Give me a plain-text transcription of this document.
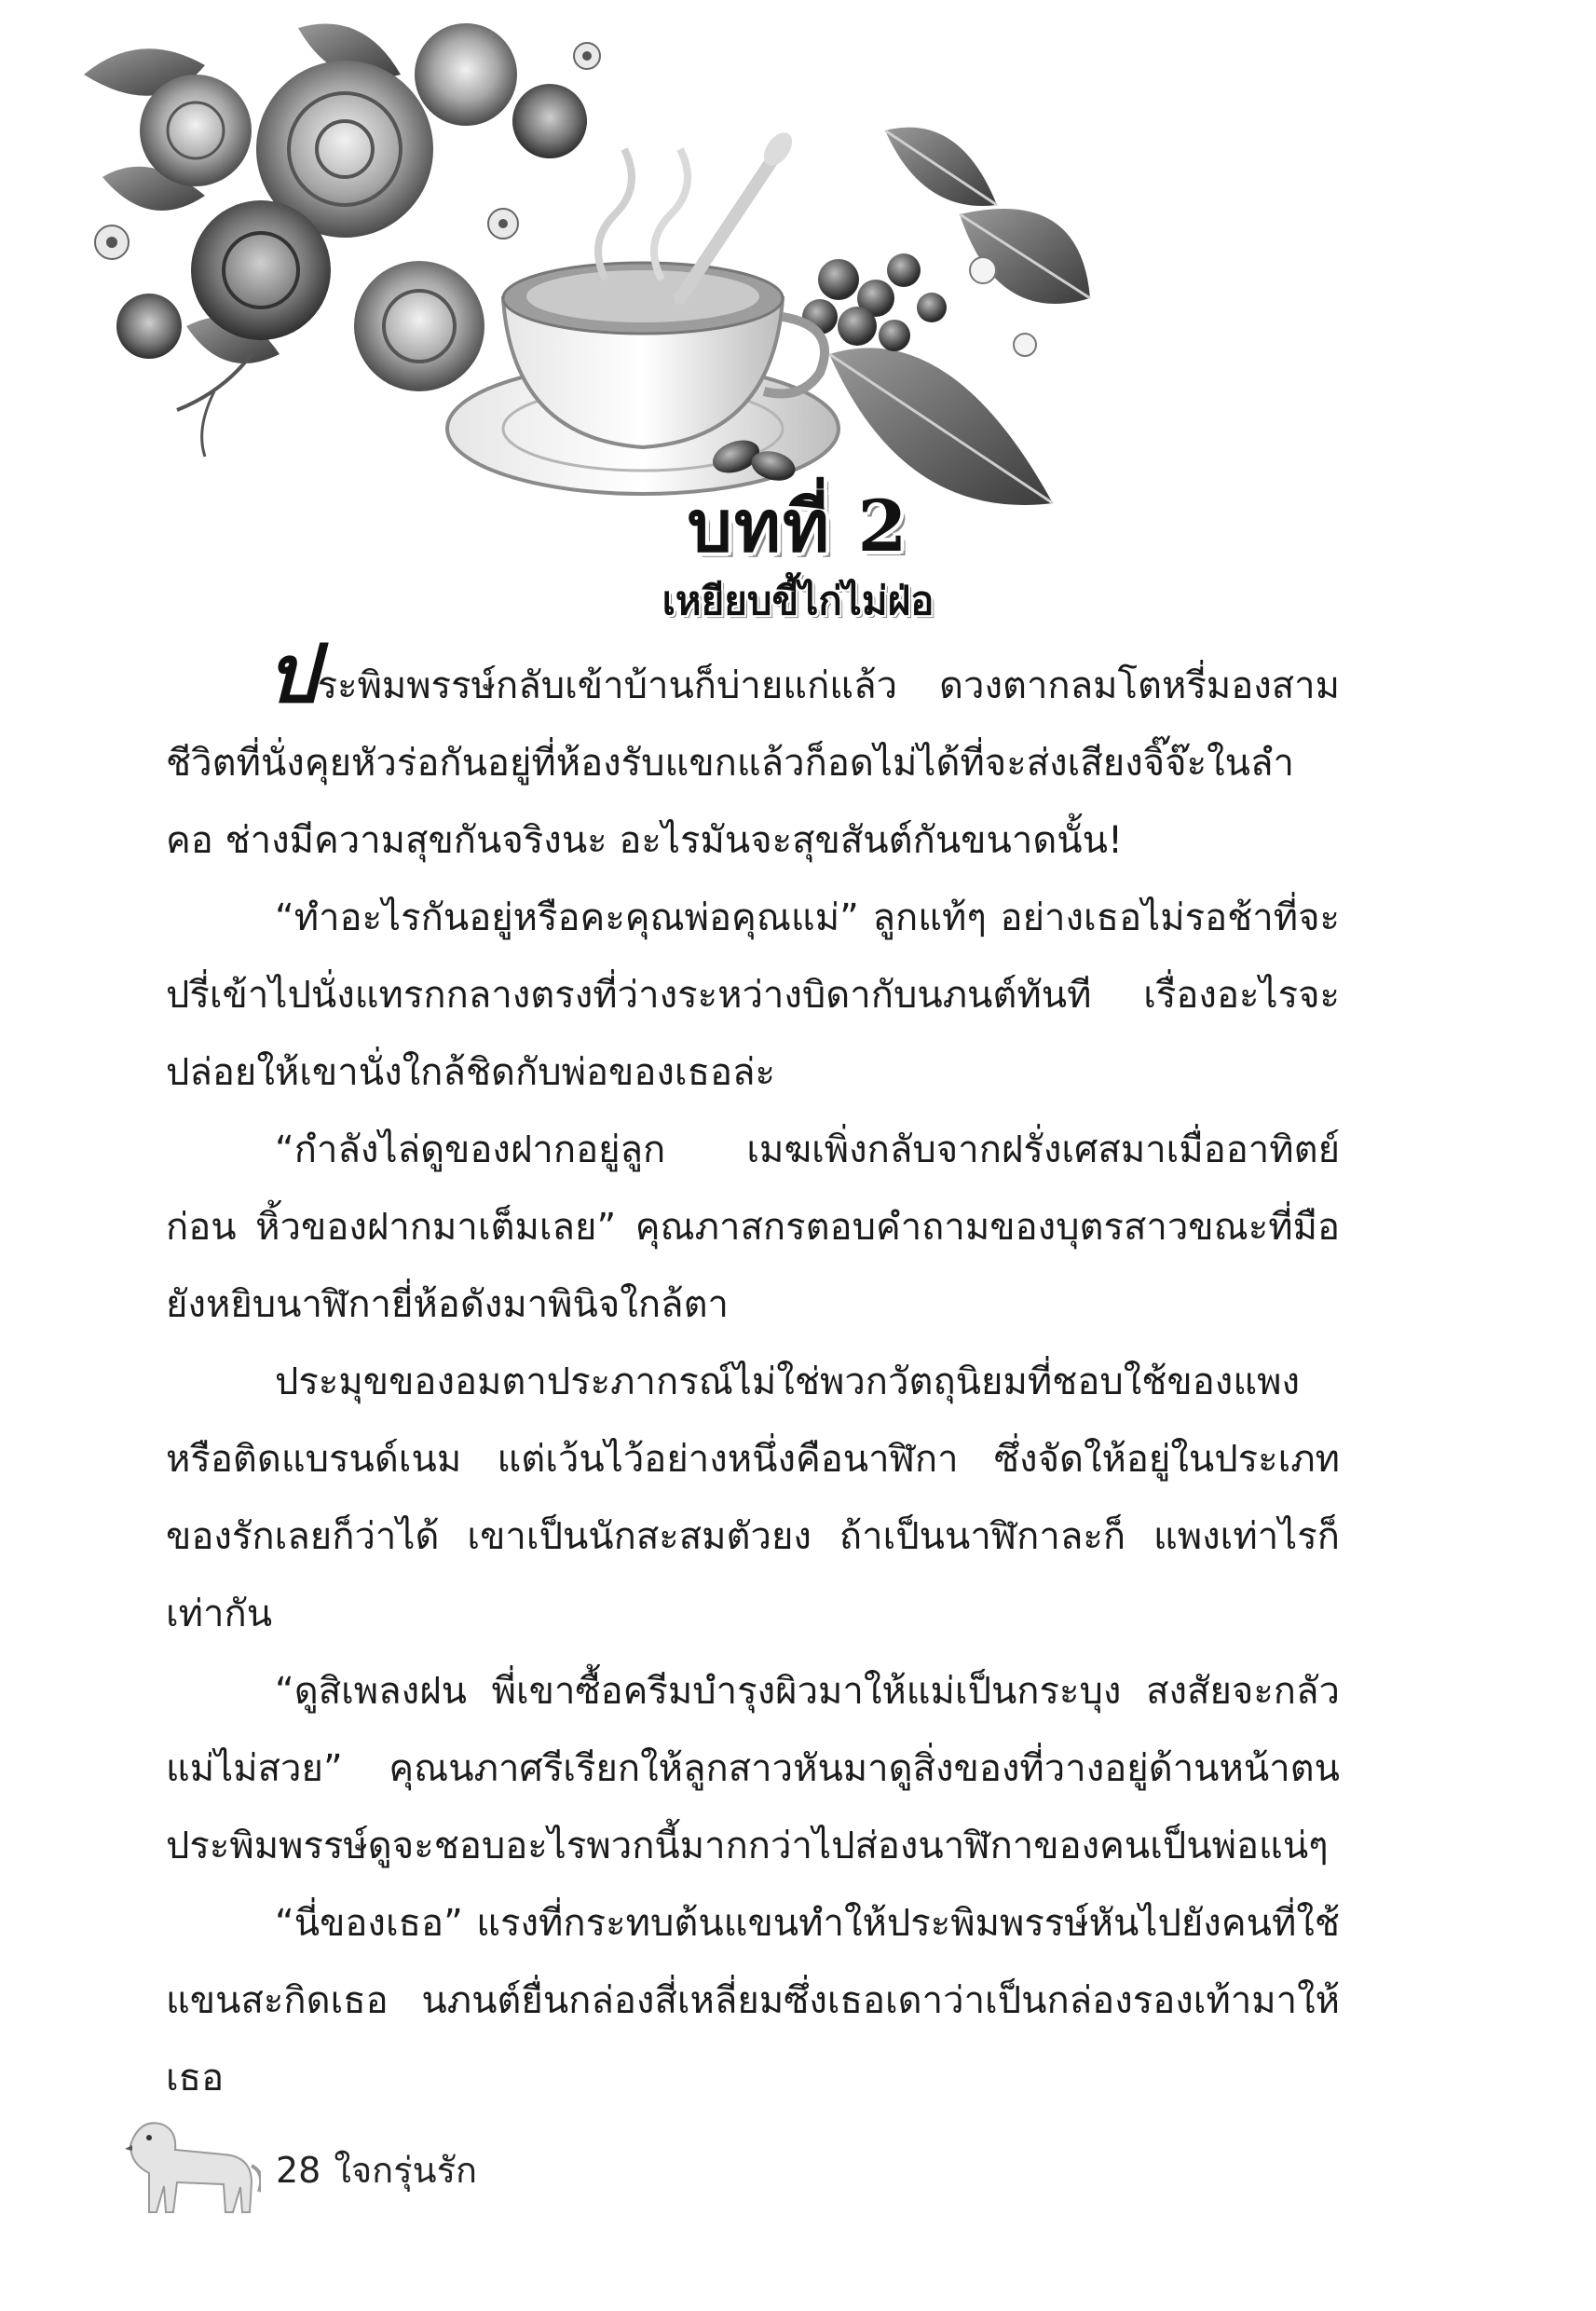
บทที่ 2
เหยียบขี้ไก่ไม่ฝ่อ

ประพิมพรรษ์กลับเข้าบ้านก็บ่ายแก่แล้ว ดวงตากลมโตหรี่มองสามชีวิตที่นั่งคุยหัวร่อกันอยู่ที่ห้องรับแขกแล้วก็อดไม่ได้ที่จะส่งเสียงจิ๊จ๊ะในลำคอ ช่างมีความสุขกันจริงนะ อะไรมันจะสุขสันต์กันขนาดนั้น!

“ทำอะไรกันอยู่หรือคะคุณพ่อคุณแม่” ลูกแท้ๆ อย่างเธอไม่รอช้าที่จะปรี่เข้าไปนั่งแทรกกลางตรงที่ว่างระหว่างบิดากับนภนต์ทันที เรื่องอะไรจะปล่อยให้เขานั่งใกล้ชิดกับพ่อของเธอล่ะ

“กำลังไล่ดูของฝากอยู่ลูก เมฆเพิ่งกลับจากฝรั่งเศสมาเมื่ออาทิตย์ก่อน หิ้วของฝากมาเต็มเลย” คุณภาสกรตอบคำถามของบุตรสาวขณะที่มือยังหยิบนาฬิกายี่ห้อดังมาพินิจใกล้ตา

ประมุขของอมตาประภากรณ์ไม่ใช่พวกวัตถุนิยมที่ชอบใช้ของแพงหรือติดแบรนด์เนม แต่เว้นไว้อย่างหนึ่งคือนาฬิกา ซึ่งจัดให้อยู่ในประเภทของรักเลยก็ว่าได้ เขาเป็นนักสะสมตัวยง ถ้าเป็นนาฬิกาละก็ แพงเท่าไรก็เท่ากัน

“ดูสิเพลงฝน พี่เขาซื้อครีมบำรุงผิวมาให้แม่เป็นกระบุง สงสัยจะกลัวแม่ไม่สวย” คุณนภาศรีเรียกให้ลูกสาวหันมาดูสิ่งของที่วางอยู่ด้านหน้าตน ประพิมพรรษ์ดูจะชอบอะไรพวกนี้มากกว่าไปส่องนาฬิกาของคนเป็นพ่อแน่ๆ

“นี่ของเธอ” แรงที่กระทบต้นแขนทำให้ประพิมพรรษ์หันไปยังคนที่ใช้แขนสะกิดเธอ นภนต์ยื่นกล่องสี่เหลี่ยมซึ่งเธอเดาว่าเป็นกล่องรองเท้ามาให้เธอ

28 ใจกรุ่นรัก
